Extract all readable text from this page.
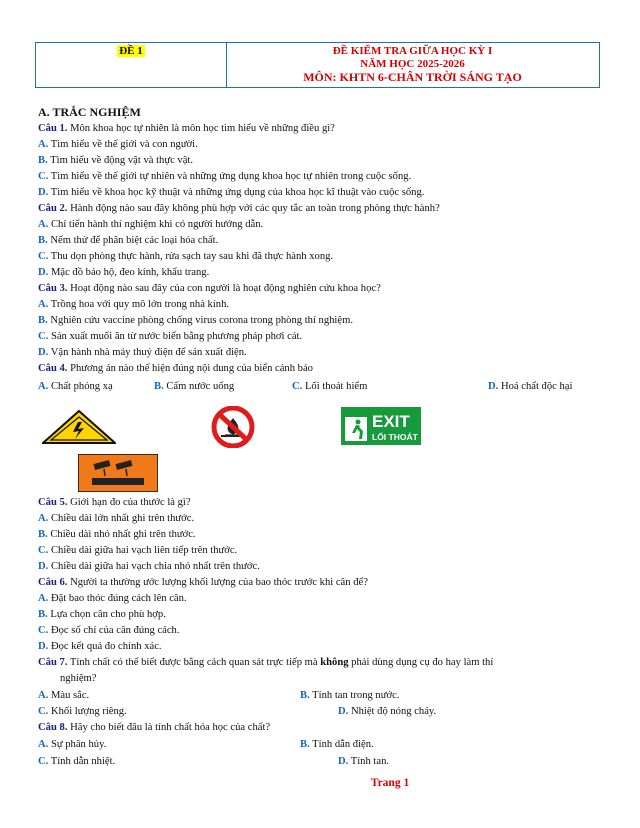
ĐỀ 1	ĐỀ KIỂM TRA GIỮA HỌC KỲ I
NĂM HỌC 2025-2026
MÔN: KHTN 6-CHÂN TRỜI SÁNG TẠO
A. TRẮC NGHIỆM
Câu 1. Môn khoa học tự nhiên là môn học tìm hiểu về những điều gì?
A. Tìm hiểu về thế giới và con người.
B. Tìm hiểu về động vật và thực vật.
C. Tìm hiểu về thế giới tự nhiên và những ứng dụng khoa học tự nhiên trong cuộc sống.
D. Tìm hiểu về khoa học kỹ thuật và những ứng dụng của khoa học kĩ thuật vào cuộc sống.
Câu 2. Hành động nào sau đây không phù hợp với các quy tắc an toàn trong phòng thực hành?
A. Chỉ tiến hành thí nghiệm khi có người hướng dẫn.
B. Nếm thử để phân biệt các loại hóa chất.
C. Thu dọn phòng thực hành, rửa sạch tay sau khi đã thực hành xong.
D. Mặc đồ bảo hộ, đeo kính, khẩu trang.
Câu 3. Hoạt động nào sau đây của con người là hoạt động nghiên cứu khoa học?
A. Trồng hoa với quy mô lớn trong nhà kính.
B. Nghiên cứu vaccine phòng chống virus corona trong phòng thí nghiệm.
C. Sản xuất muối ăn từ nước biển bằng phương pháp phơi cát.
D. Vận hành nhà máy thuỷ điện để sản xuất điện.
Câu 4. Phương án nào thể hiện đúng nội dung của biển cảnh báo
A. Chất phóng xạ	B. Cấm nước uống	C. Lối thoát hiểm	D. Hoá chất độc hại
EXIT
LỐI THOÁT
Câu 5. Giới hạn đo của thước là gì?
A. Chiều dài lớn nhất ghi trên thước.
B. Chiều dài nhỏ nhất ghi trên thước.
C. Chiều dài giữa hai vạch liên tiếp trên thước.
D. Chiều dài giữa hai vạch chia nhỏ nhất trên thước.
Câu 6. Người ta thường ước lượng khối lượng của bao thóc trước khi cân để?
A. Đặt bao thóc đúng cách lên cân.
B. Lựa chọn cân cho phù hợp.
C. Đọc số chỉ của cân đúng cách.
D. Đọc kết quả đo chính xác.
Câu 7. Tính chất có thể biết được bằng cách quan sát trực tiếp mà không phải dùng dụng cụ đo hay làm thí
nghiệm?
A. Màu sắc.	B. Tính tan trong nước.
C. Khối lượng riêng.	D. Nhiệt độ nóng chảy.
Câu 8. Hãy cho biết đâu là tính chất hóa học của chất?
A. Sự phân hủy.	B. Tính dẫn điện.
C. Tính dẫn nhiệt.	D. Tính tan.
Trang 1
